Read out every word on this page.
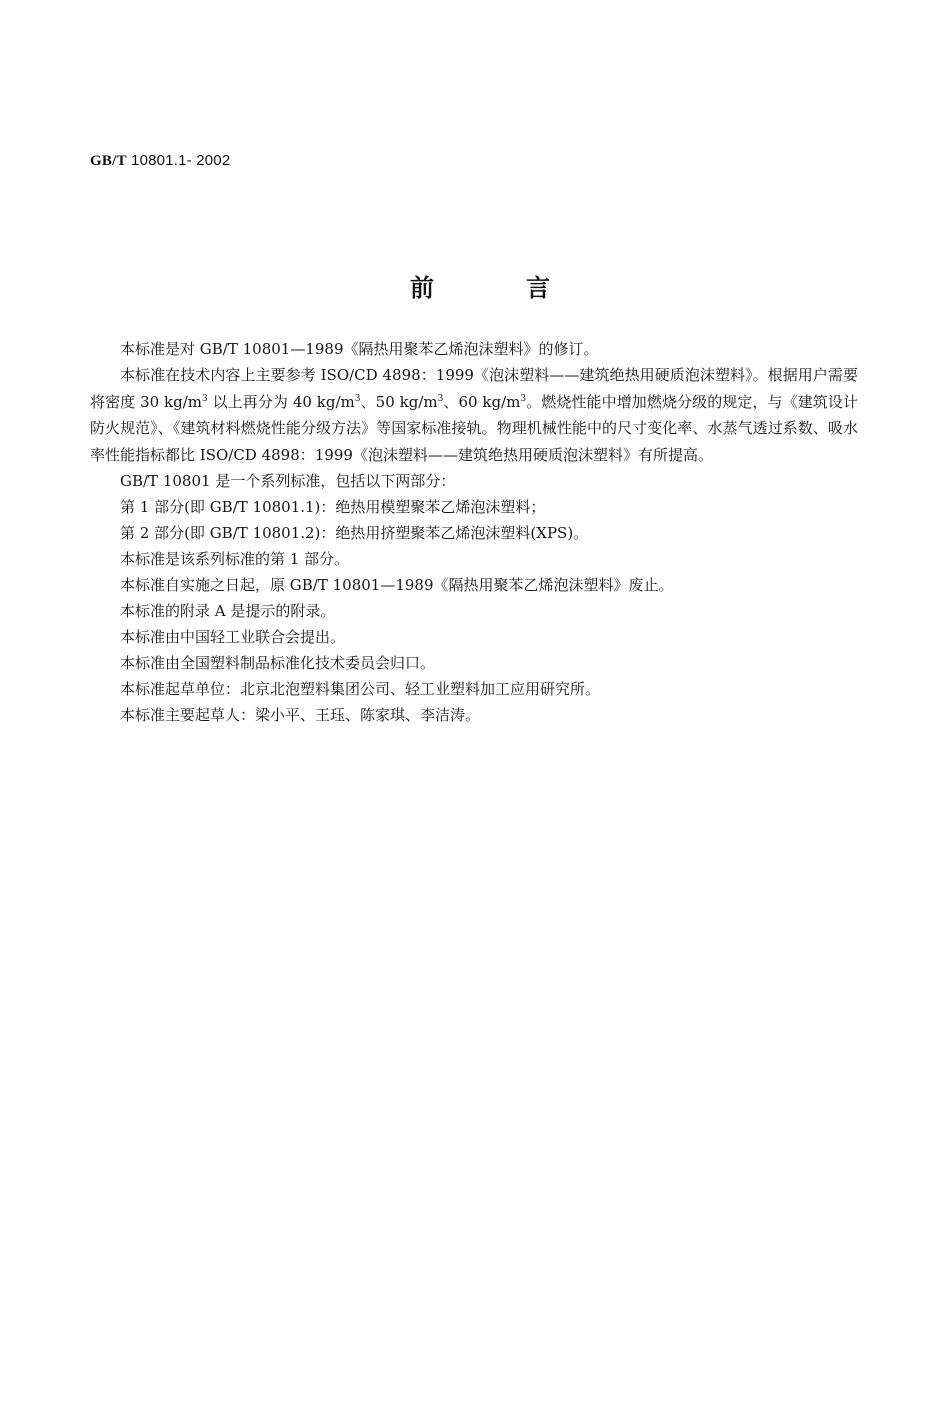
GB/T 10801.1- 2002
前	言

本标准是对 GB/T 10801—1989《隔热用聚苯乙烯泡沫塑料》的修订。

本标准在技术内容上主要参考 ISO/CD 4898：1999《泡沫塑料——建筑绝热用硬质泡沫塑料》。根据用户需要将密度 30 $kg/m^3$ 以上再分为 40 $kg/m^3$、50 $kg/m^3$、60 $kg/m^3$。燃烧性能中增加燃烧分级的规定，与《建筑设计防火规范》、《建筑材料燃烧性能分级方法》等国家标准接轨。物理机械性能中的尺寸变化率、水蒸气透过系数、吸水率性能指标都比 ISO/CD 4898：1999《泡沫塑料——建筑绝热用硬质泡沫塑料》有所提高。

GB/T 10801 是一个系列标准，包括以下两部分：

第 1 部分(即 GB/T 10801.1)：绝热用模塑聚苯乙烯泡沫塑料；

第 2 部分(即 GB/T 10801.2)：绝热用挤塑聚苯乙烯泡沫塑料(XPS)。

本标准是该系列标准的第 1 部分。

本标准自实施之日起，原 GB/T 10801—1989《隔热用聚苯乙烯泡沫塑料》废止。

本标准的附录 A 是提示的附录。

本标准由中国轻工业联合会提出。

本标准由全国塑料制品标准化技术委员会归口。

本标准起草单位：北京北泡塑料集团公司、轻工业塑料加工应用研究所。

本标准主要起草人：梁小平、王珏、陈家琪、李洁涛。
